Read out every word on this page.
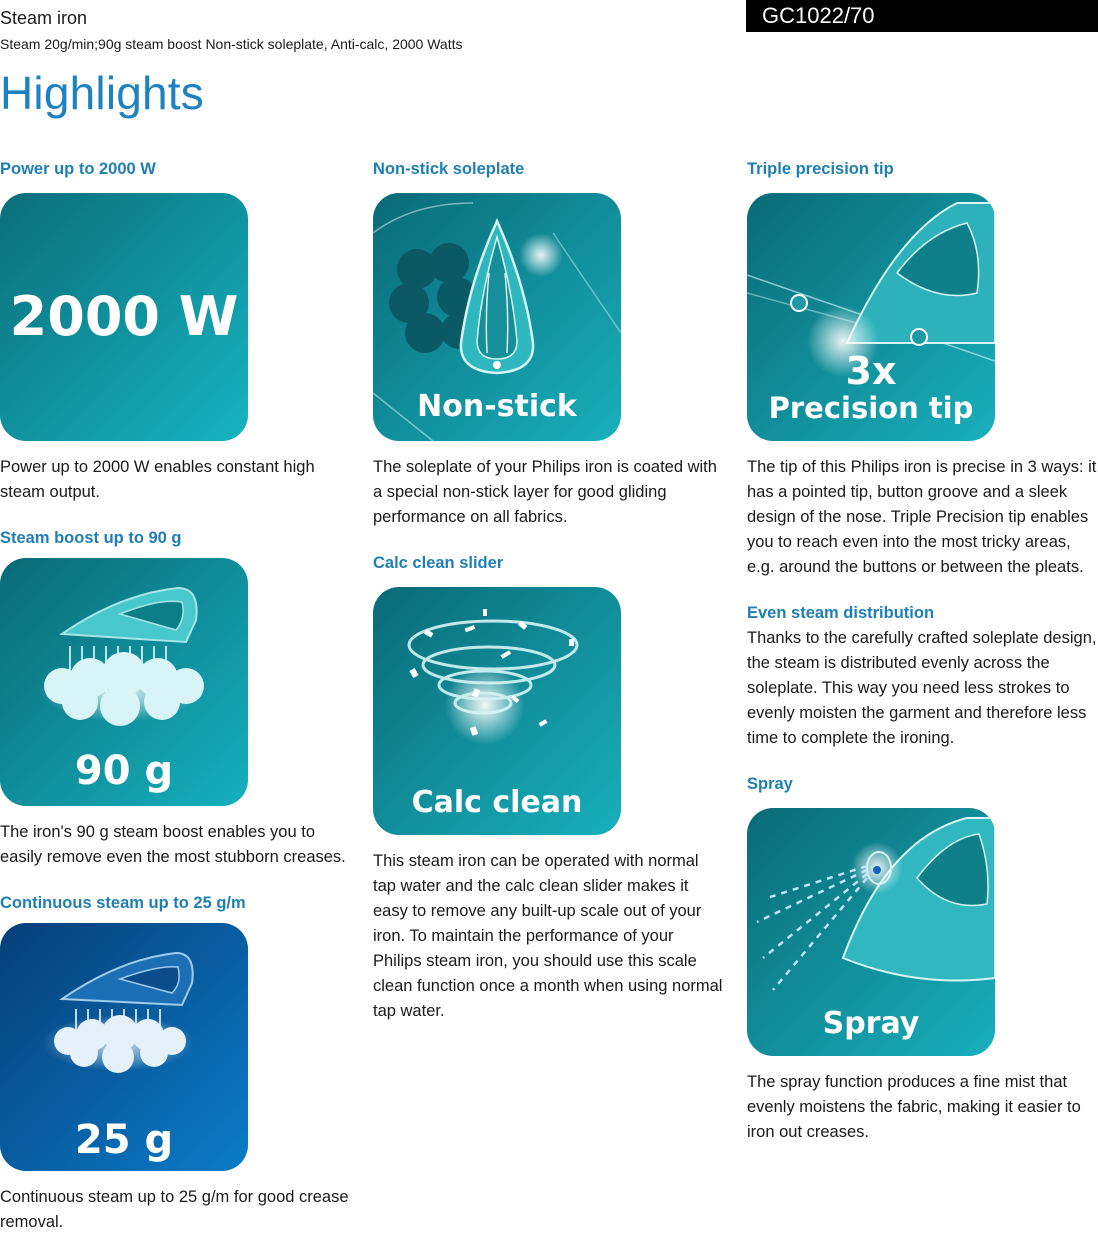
Steam iron
Steam 20g/min;90g steam boost Non-stick soleplate, Anti-calc, 2000 Watts
GC1022/70
Highlights
Power up to 2000 W
2000 W

Power up to 2000 W enables constant high steam output.

Steam boost up to 90 g
90 g

The iron's 90 g steam boost enables you to easily remove even the most stubborn creases.

Continuous steam up to 25 g/m
25 g

Continuous steam up to 25 g/m for good crease removal.

Non-stick soleplate
Non-stick

The soleplate of your Philips iron is coated with a special non-stick layer for good gliding performance on all fabrics.

Calc clean slider
Calc clean

This steam iron can be operated with normal tap water and the calc clean slider makes it easy to remove any built-up scale out of your iron. To maintain the performance of your Philips steam iron, you should use this scale clean function once a month when using normal tap water.

Triple precision tip
3x
Precision tip

The tip of this Philips iron is precise in 3 ways: it has a pointed tip, button groove and a sleek design of the nose. Triple Precision tip enables you to reach even into the most tricky areas, e.g. around the buttons or between the pleats.

Even steam distribution

Thanks to the carefully crafted soleplate design, the steam is distributed evenly across the soleplate. This way you need less strokes to evenly moisten the garment and therefore less time to complete the ironing.

Spray
Spray

The spray function produces a fine mist that evenly moistens the fabric, making it easier to iron out creases.
